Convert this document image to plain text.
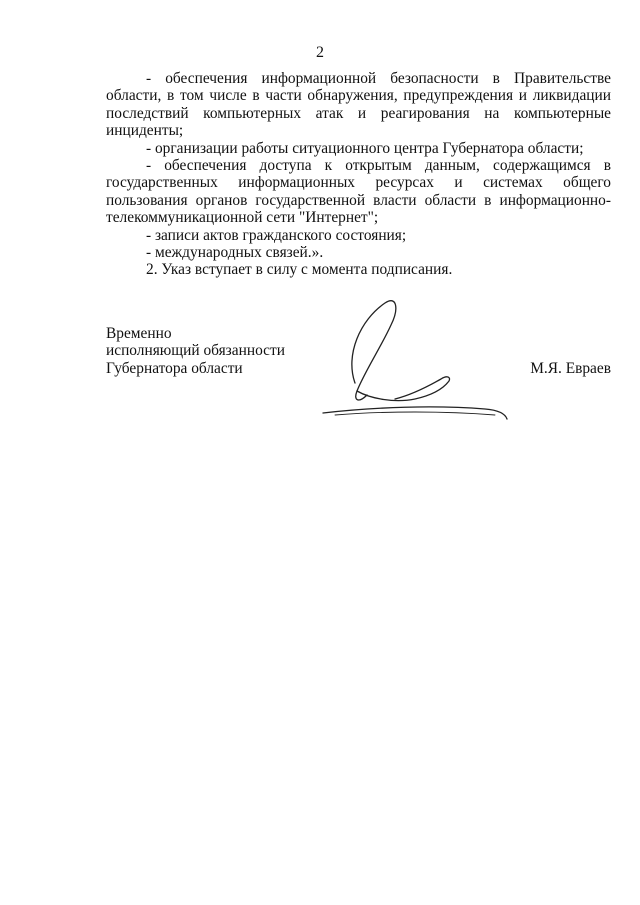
2

- обеспечения информационной безопасности в Правительстве области, в том числе в части обнаружения, предупреждения и ликвидации последствий компьютерных атак и реагирования на компьютерные инциденты;

- организации работы ситуационного центра Губернатора области;

- обеспечения доступа к открытым данным, содержащимся в государственных информационных ресурсах и системах общего пользования органов государственной власти области в информационно-телекоммуникационной сети "Интернет";

- записи актов гражданского состояния;

- международных связей.».

2. Указ вступает в силу с момента подписания.

Временно

исполняющий обязанности

Губернатора области	М.Я. Евраев
